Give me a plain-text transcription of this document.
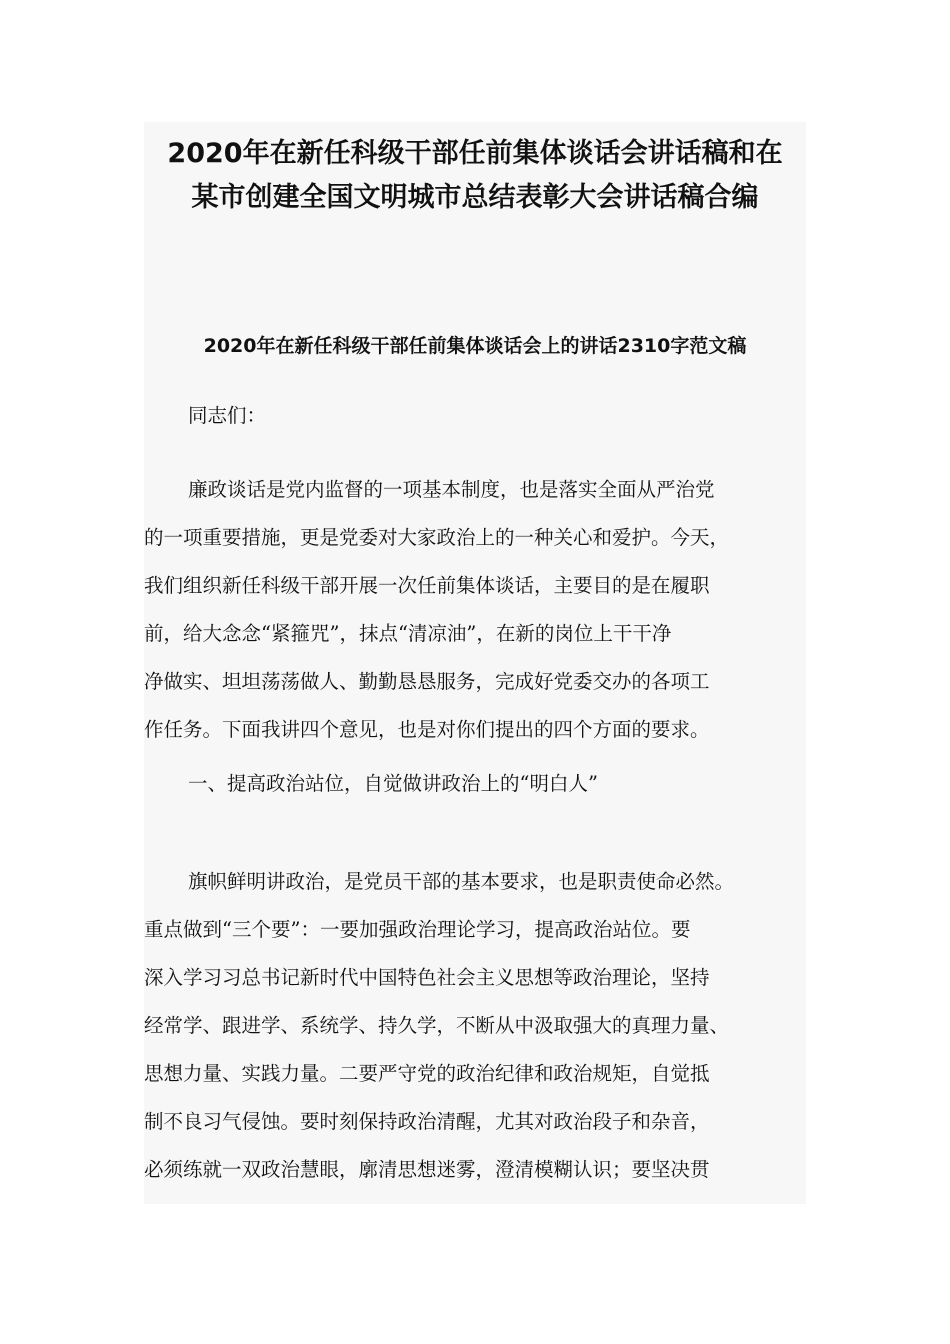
2020年在新任科级干部任前集体谈话会讲话稿和在
某市创建全国文明城市总结表彰大会讲话稿合编
2020年在新任科级干部任前集体谈话会上的讲话2310字范文稿

同志们：

廉政谈话是党内监督的一项基本制度，也是落实全面从严治党
的一项重要措施，更是党委对大家政治上的一种关心和爱护。今天，
我们组织新任科级干部开展一次任前集体谈话，主要目的是在履职
前，给大念念“紧箍咒”，抹点“清凉油”，在新的岗位上干干净
净做实、坦坦荡荡做人、勤勤恳恳服务，完成好党委交办的各项工
作任务。下面我讲四个意见，也是对你们提出的四个方面的要求。

一、提高政治站位，自觉做讲政治上的“明白人”

旗帜鲜明讲政治，是党员干部的基本要求，也是职责使命必然。
重点做到“三个要”：一要加强政治理论学习，提高政治站位。要
深入学习习总书记新时代中国特色社会主义思想等政治理论，坚持
经常学、跟进学、系统学、持久学，不断从中汲取强大的真理力量、
思想力量、实践力量。二要严守党的政治纪律和政治规矩，自觉抵
制不良习气侵蚀。要时刻保持政治清醒，尤其对政治段子和杂音，
必须练就一双政治慧眼，廓清思想迷雾，澄清模糊认识；要坚决贯
